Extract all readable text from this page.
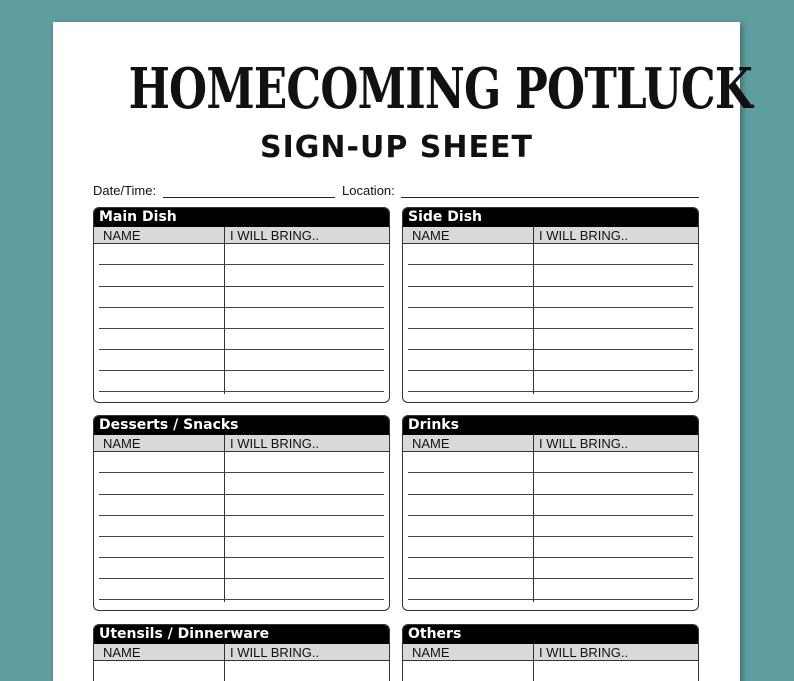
HOMECOMING POTLUCK
SIGN-UP SHEET
Date/Time:	Location:
Main Dish
NAME	I WILL BRING..
Side Dish
NAME	I WILL BRING..
Desserts / Snacks
NAME	I WILL BRING..
Drinks
NAME	I WILL BRING..
Utensils / Dinnerware
NAME	I WILL BRING..
Others
NAME	I WILL BRING..
